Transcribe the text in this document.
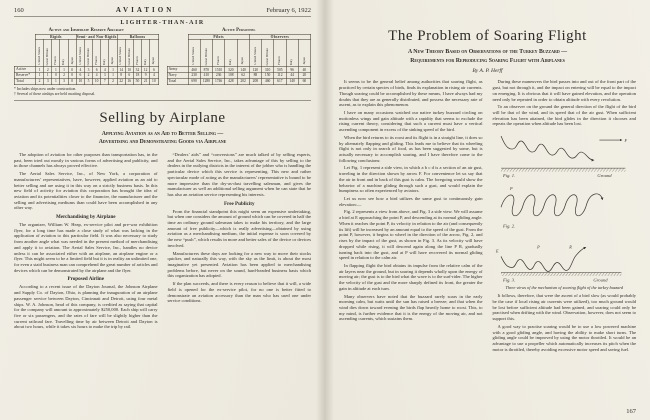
160	AVIATION	February 6, 1922
LIGHTER-THAN-AIR
Active and Immediate Reserve Aircraft
	Rigids					Semi- and Non-Rigids					Balloons				
	United States	Great Britain	France	Italy	Japan	United States	Great Britain	France	Italy	Japan	United States	Great Britain	France	Italy	Japan
Active	1	2	1	1	0	4	3	6	4	1	14	10	32	12	6
Reserve*	1	1	0	2	0	6	2	4	3	1	8	6	18	9	4
Total	2	3	1	3	0	10	5	10	7	2	22	16	50	21	10
Active Personnel
	Pilots					Observers				
	United States	Great Britain	France	Italy	Japan	United States	Great Britain	France	Italy	Japan
Army	460	870	1510	320	140	120	310	505	96	40
Navy	230	410	236	108	62	88	150	112	44	20
Total	690	1280	1746	428	202	208	460	617	140	60

* Includes ships now under construction.

† Several of these airships are held awaiting disposal.

Selling by Airplane
Applying Aviation as an Aid to Better Selling —
Advertising and Demonstrating Goods via Airplane

The adoption of aviation for other purposes than transportation has, in the past, been tried out mostly in various forms of advertising and publicity, and in those channels has always proved effective.

The Aerial Sales Service, Inc., of New York, a corporation of manufacturers’ representatives, have, however, applied aviation as an aid to better selling and are using it in this way on a strictly business basis. In this new field of activity for aviation this corporation has brought the idea of aviation and its potentialities closer to the financier, the manufacturer and the selling and advertising mediums than could have been accomplished in any other way.

Merchandising by Airplane

The organizer, William W. Heap, ex-service pilot and pre-war exhibition flyer, for a long time has made a close study of what was lacking in the application of aviation to this particular field. It was also necessary to study from another angle what was needed in the present method of merchandising and apply it to aviation. The Aerial Sales Service, Inc., handles no device unless it can be associated either with an airplane, an airplane engine or a flyer. This might seem to be a limited field but it is in reality an unlimited one, for even a staid business man can comprehend the great number of articles and devices which can be demonstrated by the airplane and the flyer.

Proposed Airline

According to a recent issue of the Dayton Journal, the Johnson Airplane and Supply Co. of Dayton, Ohio, is planning the inauguration of an airplane passenger service between Dayton, Cincinnati and Detroit, using four metal ships. W. A. Johnson, head of this company, is credited as saying that capital for the company will amount to approximately $250,000. Each ship will carry five or six passengers, and the rates of fare will be slightly higher than the current railroad fare. Travelling time by air between Detroit and Dayton is about two hours, while it takes six hours to make the trip by rail.

“Dealers’ aids” and “conversions” are much talked of by selling experts, and the Aerial Sales Service, Inc., takes advantage of this by selling to the dealers in the outlying districts in the interest of the jobber who is handling the particular device which this service is representing. This new and rather spectacular mode of acting as the manufacturers’ representative is bound to be more impressive than the dry-as-dust travelling salesman, and gives the manufacturer as well an additional selling argument when he can state that he has also an aviation service representing his interests.

Free Publicity

From the financial standpoint this might seem an expensive undertaking, but when one considers the amount of ground which can be covered in half the time an ordinary ground salesman takes to make his territory, and the large amount of free publicity—which is really advertising—obtained by using aviation as a merchandising medium, the initial expense is soon covered by the new “push”, which results in more and better sales of the device or devices involved.

Manufacturers these days are looking for a new way to move their stocks quicker, and naturally this way, with the sky as the limit, is about the most imaginative yet presented. Aviation has been applied to merchandising problems before, but never on the sound, hard-headed business basis which this organization has adopted.

If the plan succeeds, and there is every reason to believe that it will, a wide field is opened for the ex-service pilot, for no one is better fitted to demonstrate an aviation accessory than the man who has used one under service conditions.

The Problem of Soaring Flight
A New Theory Based on Observations of the Turkey Buzzard —
Requirements for Reproducing Soaring Flight with Airplanes
By A. P. Herff

It seems to be the general belief among authorities that soaring flight, as practiced by certain species of birds, finds its explanation in rising air currents. Though soaring could be accomplished by these means, I have always had my doubts that they are as generally distributed, and possess the necessary rate of ascent, as to explain this phenomenon.

I have on many occasions watched our native turkey buzzard circling on motionless wings and gain altitude with a rapidity that seems to exclude the rising current theory, considering that such a current must have a vertical ascending component in excess of the sinking speed of the bird.

When the bird returns to its roost and its flight is in a straight line, it does so by alternately flapping and gliding. This leads me to believe that its wheeling flight is not only in search of food, as has been suggested by some, but is actually necessary to accomplish soaring, and I have therefore come to the following conclusions:

Let Fig. 1 represent a side view, in which a b c d is a section of an air gust, traveling in the direction shown by arrow F. For convenience let us say that the air in front and in back of this gust is calm. The foregoing would show the behavior of a machine gliding through such a gust, and would explain the bumpiness so often experienced by aviators.

Let us now see how a bird utilizes the same gust to continuously gain elevation:—

Fig. 2 represents a view from above, and Fig. 3 a side view. We will assume a bird at E approaching the point P, and descending at its normal gliding angle. When it reaches the point P, its velocity in relation to the air (and consequently its lift) will be increased by an amount equal to the speed of the gust. From the point P, however, it begins to wheel in the direction of the arrow, Fig. 2, and rises by the impact of the gust, as shown in Fig. 3. As its velocity will have dropped while rising, it will descend again along the line P R, gradually turning back into the gust, and at P will have recovered its normal gliding speed in relation to the calm air.

In flapping flight the bird obtains its impulse from the relative calm of the air layers near the ground, but in soaring it depends wholly upon the energy of moving air; the gust is to the bird what the wave is to the surf-rider. The higher the velocity of the gust and the more sharply defined its front, the greater the gain in altitude at each turn.

Many observers have noted that the buzzard rarely soars in the early morning calm, but waits until the sun has raised a breeze; and that when the wind dies down toward evening the birds flap heavily home to roost. This, to my mind, is further evidence that it is the energy of the moving air, and not ascending currents, which sustains them.

During these maneuvers the bird passes into and out of the front part of the gust, but not through it, and the impact on entering will be equal to the impact on emerging. It is obvious that it will have gained elevation, and the operation need only be repeated in order to obtain altitude with every revolution.

To an observer on the ground the general direction of the flight of the bird will be that of the wind, and its speed that of the air gust. When sufficient elevation has been attained, the bird glides in the direction it chooses and repeats the operation when altitude has been lost.

F
Fig. 1.	Ground
P
Fig. 2.
E
P	R
Fig. 3.	Ground
Three views of the mechanism of soaring flight of the turkey buzzard

It follows, therefore, that were the ascent of a bird slow (as would probably be the case if local rising air currents were utilized), too much ground would be lost before sufficient altitude had been gained, and soaring could only be practised when drifting with the wind. Observation, however, does not seem to support this.

A good way to practise soaring would be to use a low powered machine with a good gliding angle, and having the ability to make short turns. The gliding angle could be improved by using the motor throttled. It would be an advantage to use a propeller which automatically increases its pitch when the motor is throttled, thereby avoiding excessive motor speed and saving fuel.

167
